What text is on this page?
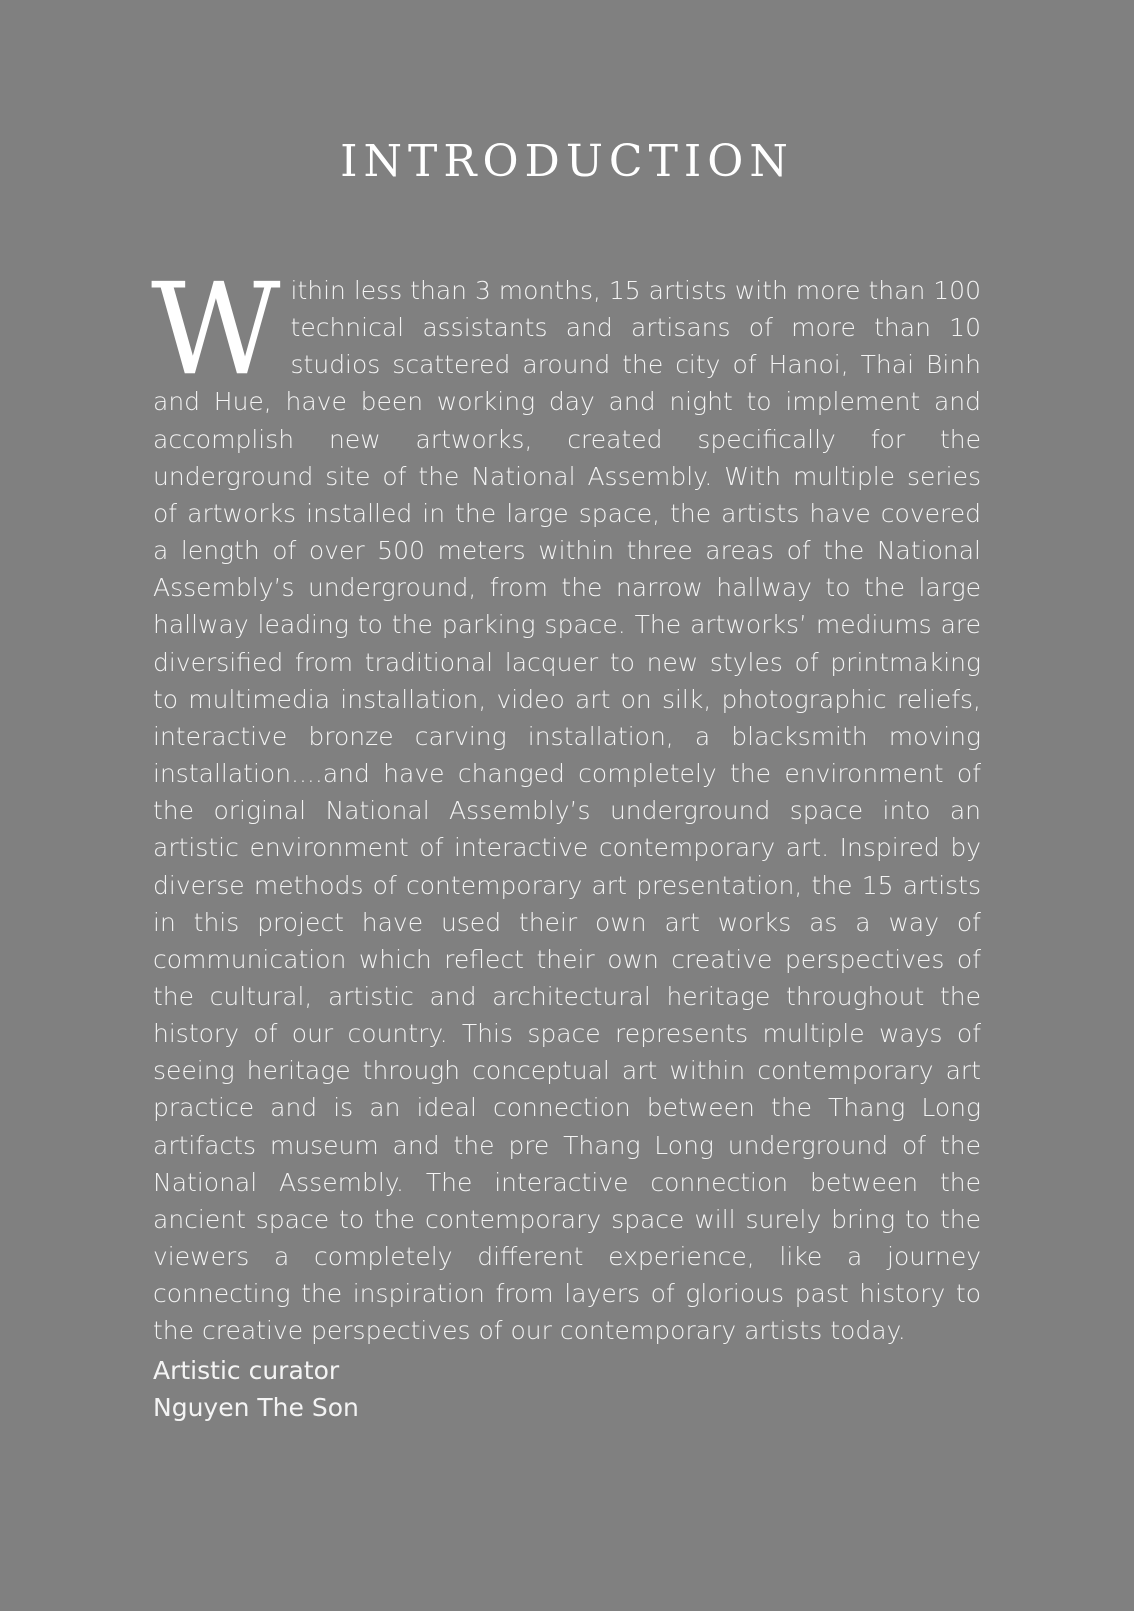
INTRODUCTION

Within less than 3 months, 15 artists with more than 100 technical assistants and artisans of more than 10 studios scattered around the city of Hanoi, Thai Binh and Hue, have been working day and night to implement and accomplish new artworks, created specifically for the underground site of the National Assembly. With multiple series of artworks installed in the large space, the artists have covered a length of over 500 meters within three areas of the National Assembly’s underground, from the narrow hallway to the large hallway leading to the parking space. The artworks’ mediums are diversified from traditional lacquer to new styles of printmaking to multimedia installation, video art on silk, photographic reliefs, interactive bronze carving installation, a blacksmith moving installation....and have changed completely the environment of the original National Assembly’s underground space into an artistic environment of interactive contemporary art. Inspired by diverse methods of contemporary art presentation, the 15 artists in this project have used their own art works as a way of communication which reflect their own creative perspectives of the cultural, artistic and architectural heritage throughout the history of our country. This space represents multiple ways of seeing heritage through conceptual art within contemporary art practice and is an ideal connection between the Thang Long artifacts museum and the pre Thang Long underground of the National Assembly. The interactive connection between the ancient space to the contemporary space will surely bring to the viewers a completely different experience, like a journey connecting the inspiration from layers of glorious past history to the creative perspectives of our contemporary artists today.

Artistic curator
Nguyen The Son
